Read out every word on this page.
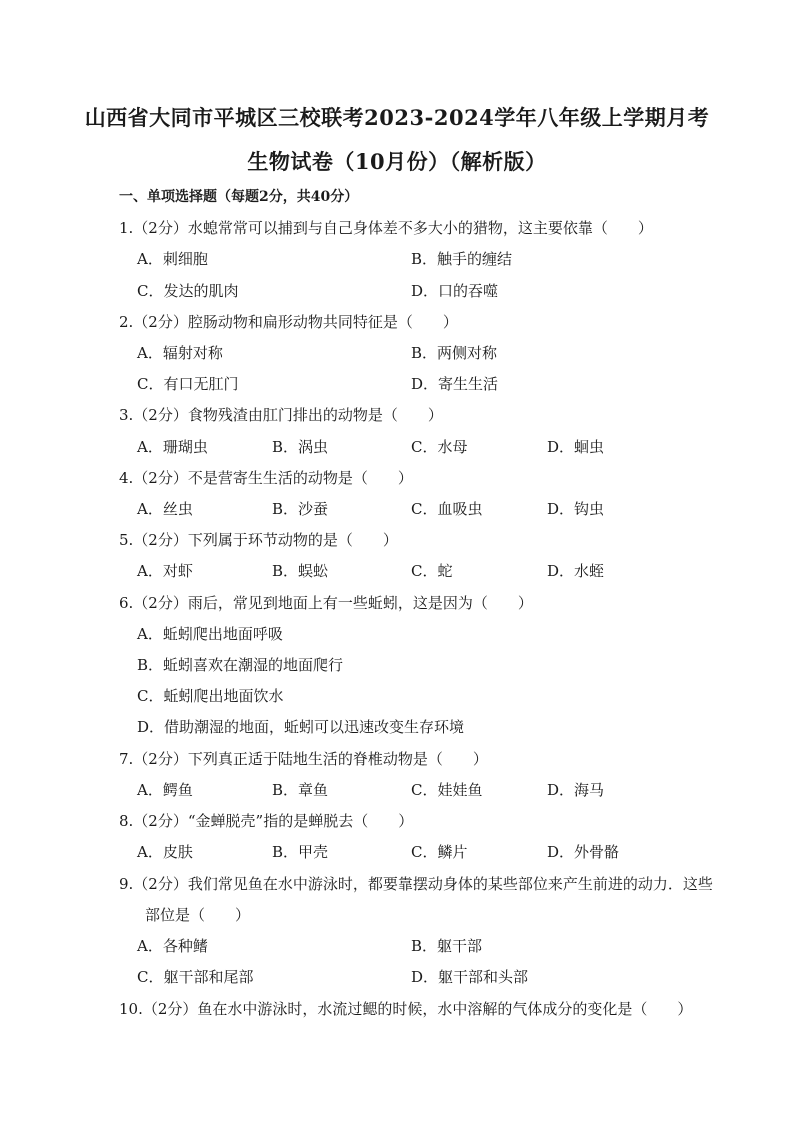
山西省大同市平城区三校联考2023-2024学年八年级上学期月考
生物试卷（10月份）（解析版）
一、单项选择题（每题2分，共40分）
1.（2分）水螅常常可以捕到与自己身体差不多大小的猎物，这主要依靠（　　）
A．刺细胞	B．触手的缠结
C．发达的肌肉	D．口的吞噬
2.（2分）腔肠动物和扁形动物共同特征是（　　）
A．辐射对称	B．两侧对称
C．有口无肛门	D．寄生生活
3.（2分）食物残渣由肛门排出的动物是（　　）
A．珊瑚虫	B．涡虫	C．水母	D．蛔虫
4.（2分）不是营寄生生活的动物是（　　）
A．丝虫	B．沙蚕	C．血吸虫	D．钩虫
5.（2分）下列属于环节动物的是（　　）
A．对虾	B．蜈蚣	C．蛇	D．水蛭
6.（2分）雨后，常见到地面上有一些蚯蚓，这是因为（　　）
A．蚯蚓爬出地面呼吸
B．蚯蚓喜欢在潮湿的地面爬行
C．蚯蚓爬出地面饮水
D．借助潮湿的地面，蚯蚓可以迅速改变生存环境
7.（2分）下列真正适于陆地生活的脊椎动物是（　　）
A．鳄鱼	B．章鱼	C．娃娃鱼	D．海马
8.（2分）“金蝉脱壳”指的是蝉脱去（　　）
A．皮肤	B．甲壳	C．鳞片	D．外骨骼
9.（2分）我们常见鱼在水中游泳时，都要靠摆动身体的某些部位来产生前进的动力．这些
部位是（　　）
A．各种鳍	B．躯干部
C．躯干部和尾部	D．躯干部和头部
10.（2分）鱼在水中游泳时，水流过鳃的时候，水中溶解的气体成分的变化是（　　）
